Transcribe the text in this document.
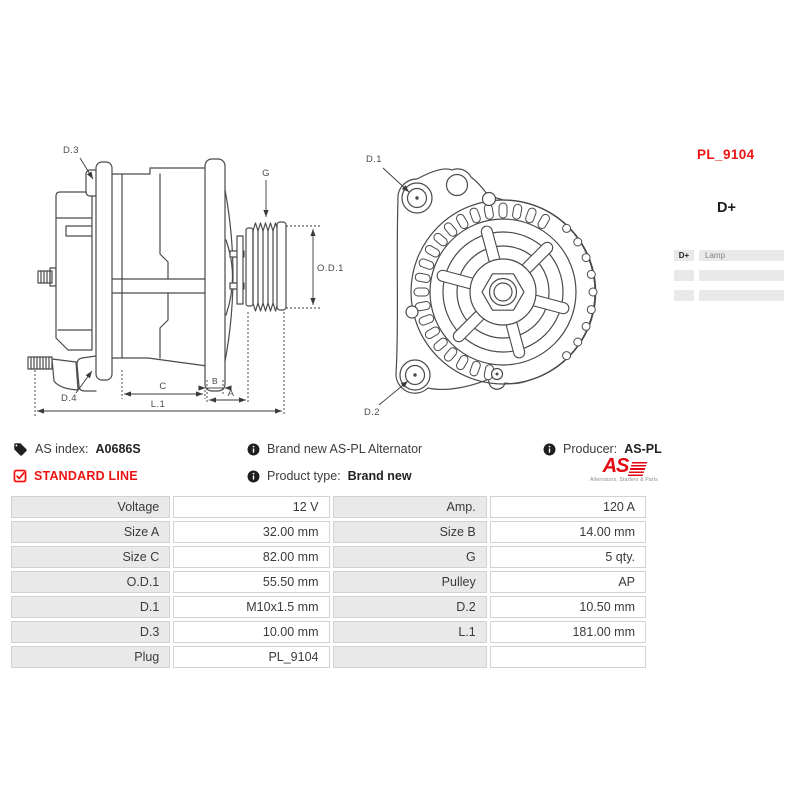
D.3
G
O.D.1
D.4
C	B
A
L.1
D.1
D.2
PL_9104
D+
D+	Lamp
AS index: A0686S	Brand new AS-PL Alternator	Producer: AS-PL
STANDARD LINE	Product type: Brand new	AS
Alternators, Starters & Parts
Voltage	12 V	Amp.	120 A
Size A	32.00 mm	Size B	14.00 mm
Size C	82.00 mm	G	5 qty.
O.D.1	55.50 mm	Pulley	AP
D.1	M10x1.5 mm	D.2	10.50 mm
D.3	10.00 mm	L.1	181.00 mm
Plug	PL_9104		
